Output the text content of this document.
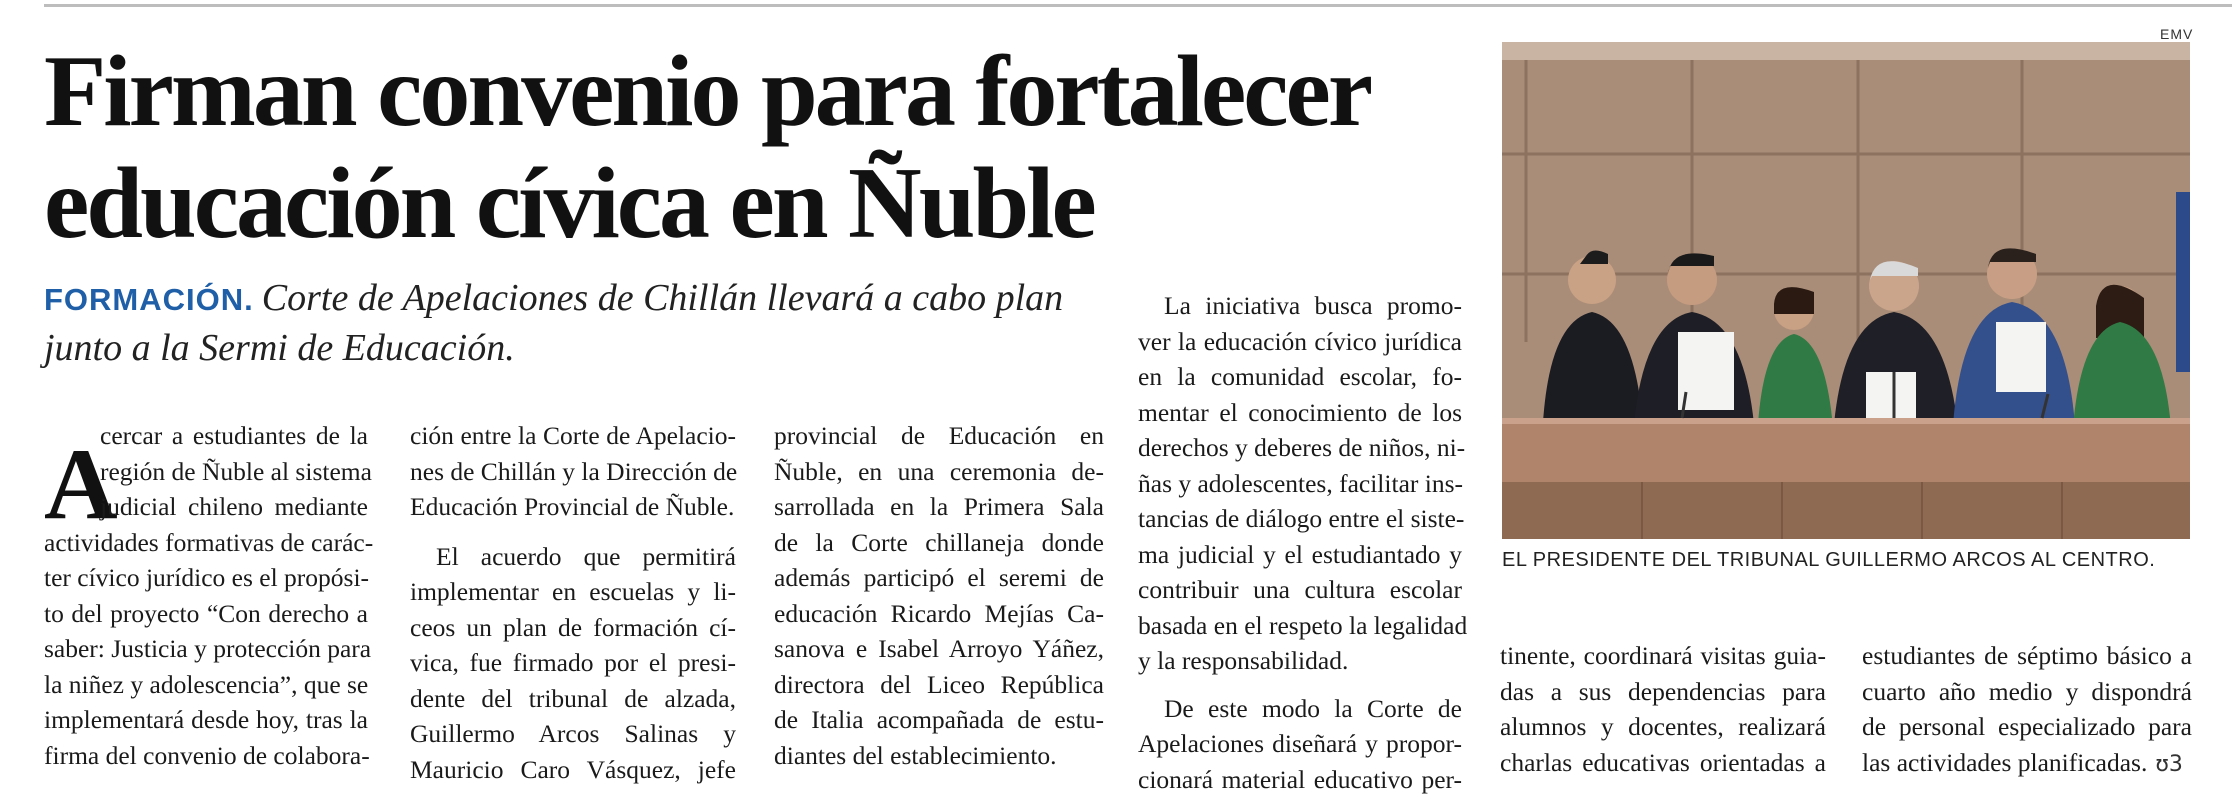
Firman convenio para fortalecer
educación cívica en Ñuble
FORMACIÓN. Corte de Apelaciones de Chillán llevará a cabo plan junto a la Sermi de Educación.
A
cercar a estudiantes de la
región de Ñuble al sistema
judicial chileno mediante
actividades formativas de carác-
ter cívico jurídico es el propósi-
to del proyecto “Con derecho a
saber: Justicia y protección para
la niñez y adolescencia”, que se
implementará desde hoy, tras la
firma del convenio de colabora-
ción entre la Corte de Apelacio-
nes de Chillán y la Dirección de
Educación Provincial de Ñuble.
El acuerdo que permitirá
implementar en escuelas y li-
ceos un plan de formación cí-
vica, fue firmado por el presi-
dente del tribunal de alzada,
Guillermo Arcos Salinas y
Mauricio Caro Vásquez, jefe
provincial de Educación en
Ñuble, en una ceremonia de-
sarrollada en la Primera Sala
de la Corte chillaneja donde
además participó el seremi de
educación Ricardo Mejías Ca-
sanova e Isabel Arroyo Yáñez,
directora del Liceo República
de Italia acompañada de estu-
diantes del establecimiento.
La iniciativa busca promo-
ver la educación cívico jurídica
en la comunidad escolar, fo-
mentar el conocimiento de los
derechos y deberes de niños, ni-
ñas y adolescentes, facilitar ins-
tancias de diálogo entre el siste-
ma judicial y el estudiantado y
contribuir una cultura escolar
basada en el respeto la legalidad
y la responsabilidad.
De este modo la Corte de
Apelaciones diseñará y propor-
cionará material educativo per-
tinente, coordinará visitas guia-
das a sus dependencias para
alumnos y docentes, realizará
charlas educativas orientadas a
estudiantes de séptimo básico a
cuarto año medio y dispondrá
de personal especializado para
las actividades planificadas. ʊ3
EMV
EL PRESIDENTE DEL TRIBUNAL GUILLERMO ARCOS AL CENTRO.
